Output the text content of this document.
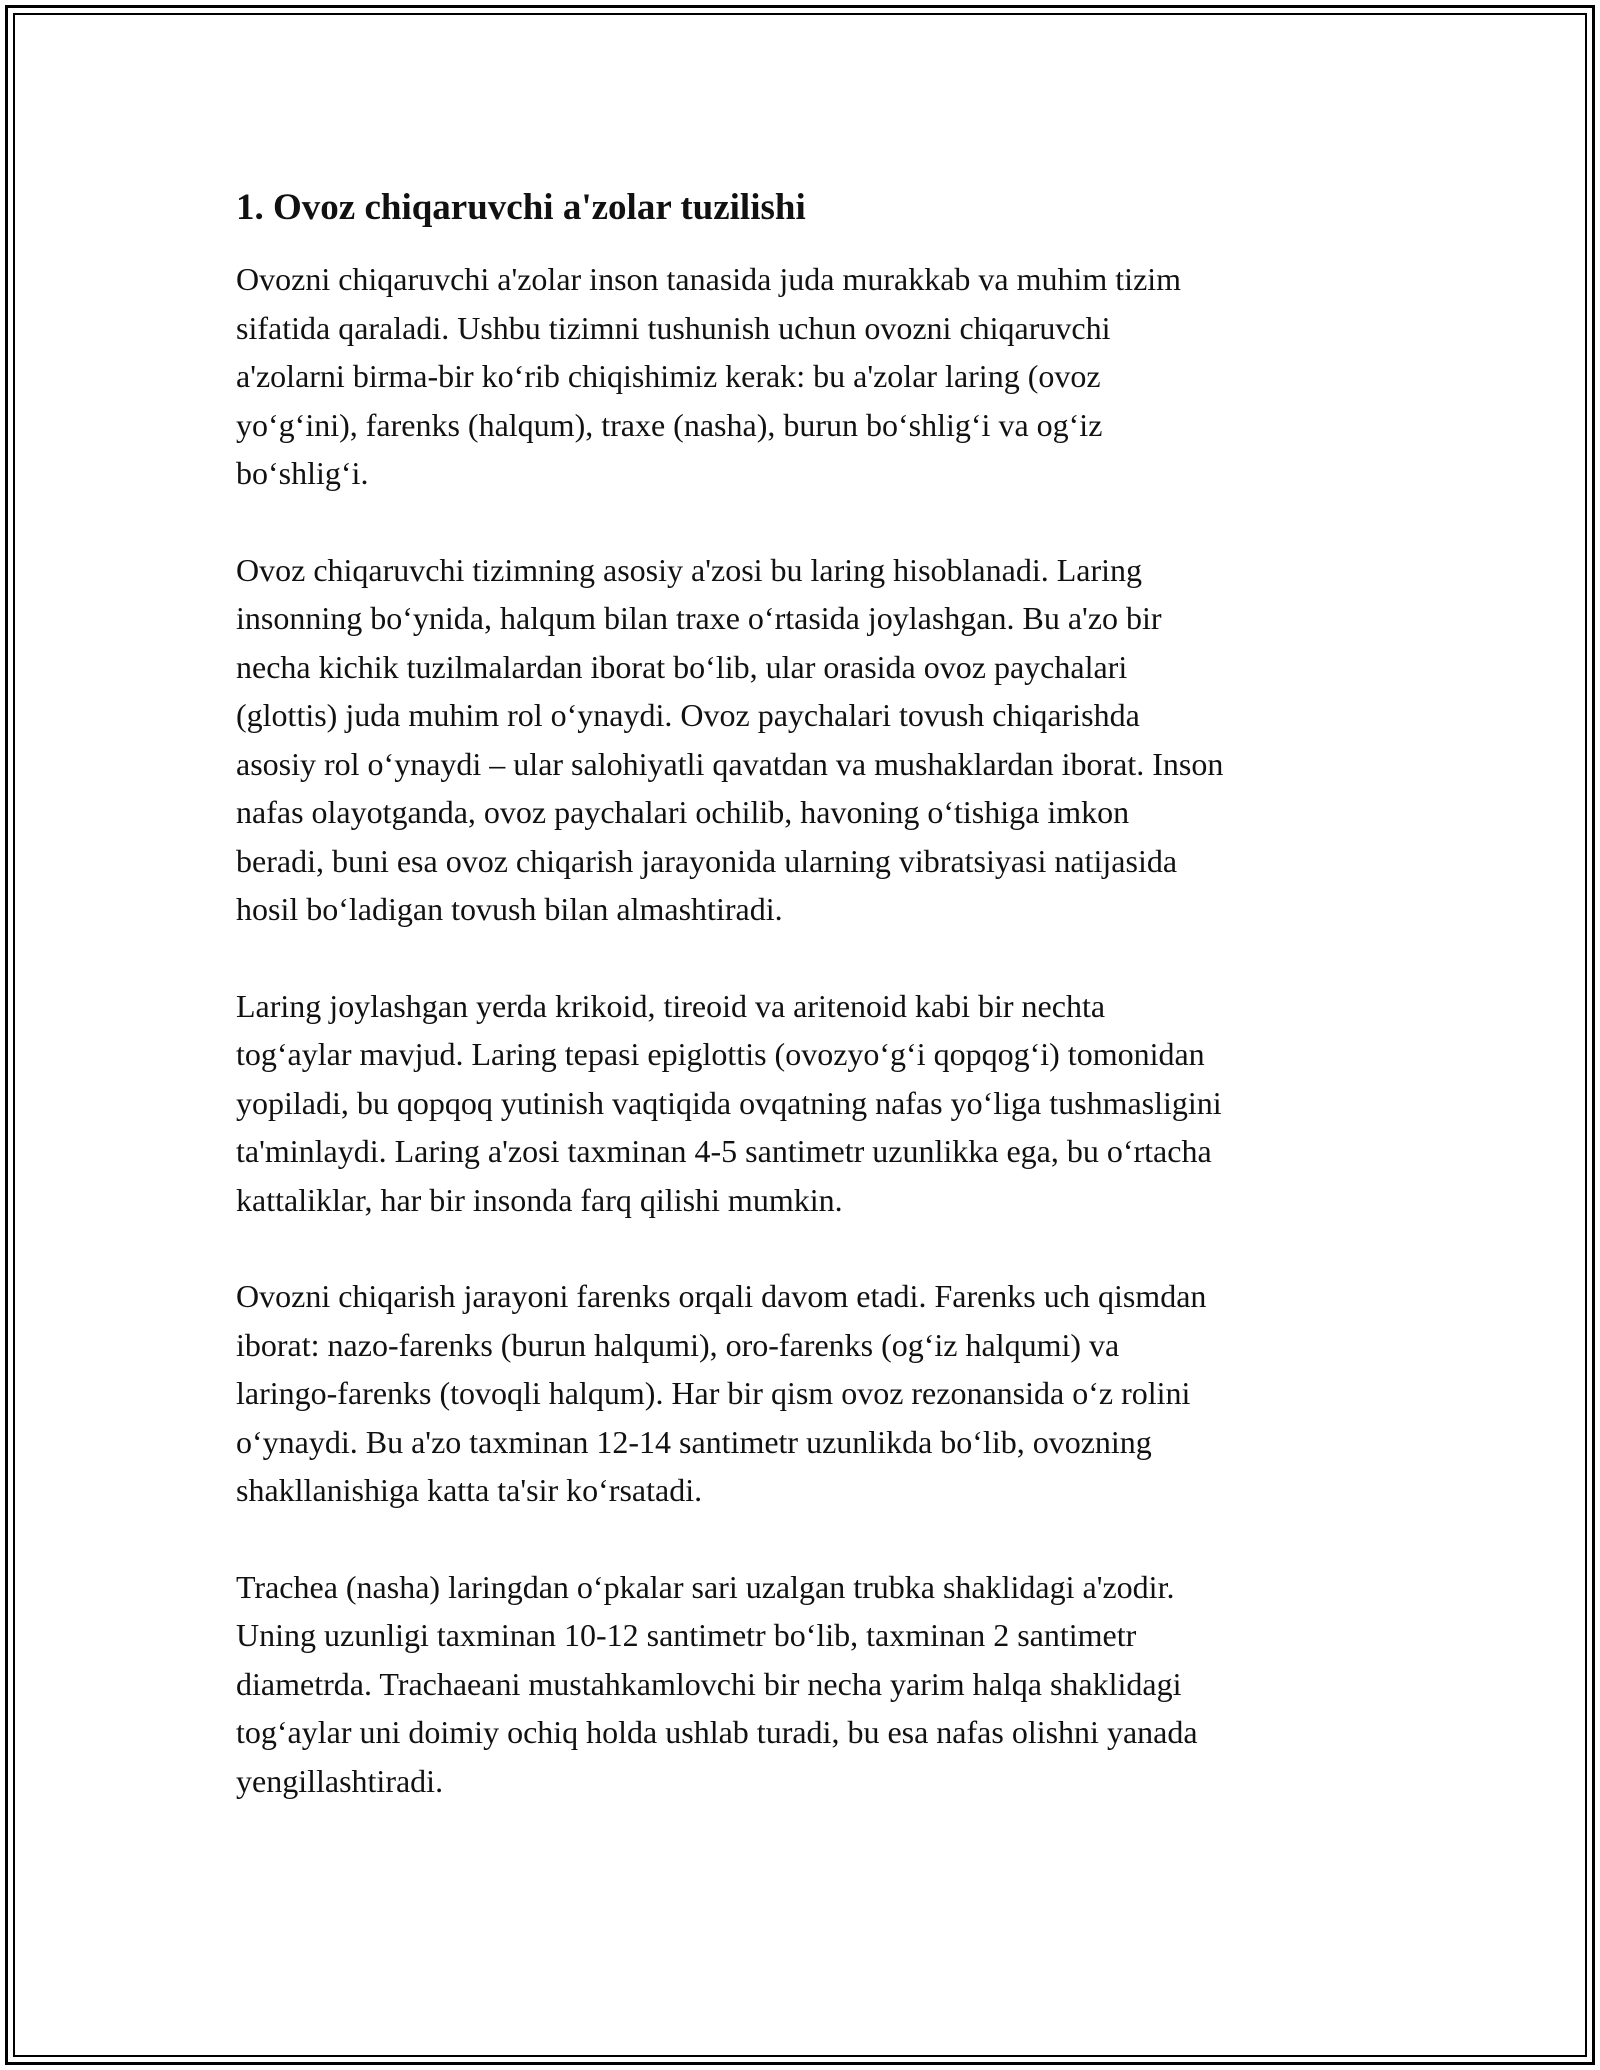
1. Ovoz chiqaruvchi a'zolar tuzilishi

Ovozni chiqaruvchi a'zolar inson tanasida juda murakkab va muhim tizim
sifatida qaraladi. Ushbu tizimni tushunish uchun ovozni chiqaruvchi
a'zolarni birma-bir koʻrib chiqishimiz kerak: bu a'zolar laring (ovoz
yoʻgʻini), farenks (halqum), traxe (nasha), burun boʻshligʻi va ogʻiz
boʻshligʻi.

Ovoz chiqaruvchi tizimning asosiy a'zosi bu laring hisoblanadi. Laring
insonning boʻynida, halqum bilan traxe oʻrtasida joylashgan. Bu a'zo bir
necha kichik tuzilmalardan iborat boʻlib, ular orasida ovoz paychalari
(glottis) juda muhim rol oʻynaydi. Ovoz paychalari tovush chiqarishda
asosiy rol oʻynaydi – ular salohiyatli qavatdan va mushaklardan iborat. Inson
nafas olayotganda, ovoz paychalari ochilib, havoning oʻtishiga imkon
beradi, buni esa ovoz chiqarish jarayonida ularning vibratsiyasi natijasida
hosil boʻladigan tovush bilan almashtiradi.

Laring joylashgan yerda krikoid, tireoid va aritenoid kabi bir nechta
togʻaylar mavjud. Laring tepasi epiglottis (ovozyoʻgʻi qopqogʻi) tomonidan
yopiladi, bu qopqoq yutinish vaqtiqida ovqatning nafas yoʻliga tushmasligini
ta'minlaydi. Laring a'zosi taxminan 4-5 santimetr uzunlikka ega, bu oʻrtacha
kattaliklar, har bir insonda farq qilishi mumkin.

Ovozni chiqarish jarayoni farenks orqali davom etadi. Farenks uch qismdan
iborat: nazo-farenks (burun halqumi), oro-farenks (ogʻiz halqumi) va
laringo-farenks (tovoqli halqum). Har bir qism ovoz rezonansida oʻz rolini
oʻynaydi. Bu a'zo taxminan 12-14 santimetr uzunlikda boʻlib, ovozning
shakllanishiga katta ta'sir koʻrsatadi.

Trachea (nasha) laringdan oʻpkalar sari uzalgan trubka shaklidagi a'zodir.
Uning uzunligi taxminan 10-12 santimetr boʻlib, taxminan 2 santimetr
diametrda. Trachaeani mustahkamlovchi bir necha yarim halqa shaklidagi
togʻaylar uni doimiy ochiq holda ushlab turadi, bu esa nafas olishni yanada
yengillashtiradi.
